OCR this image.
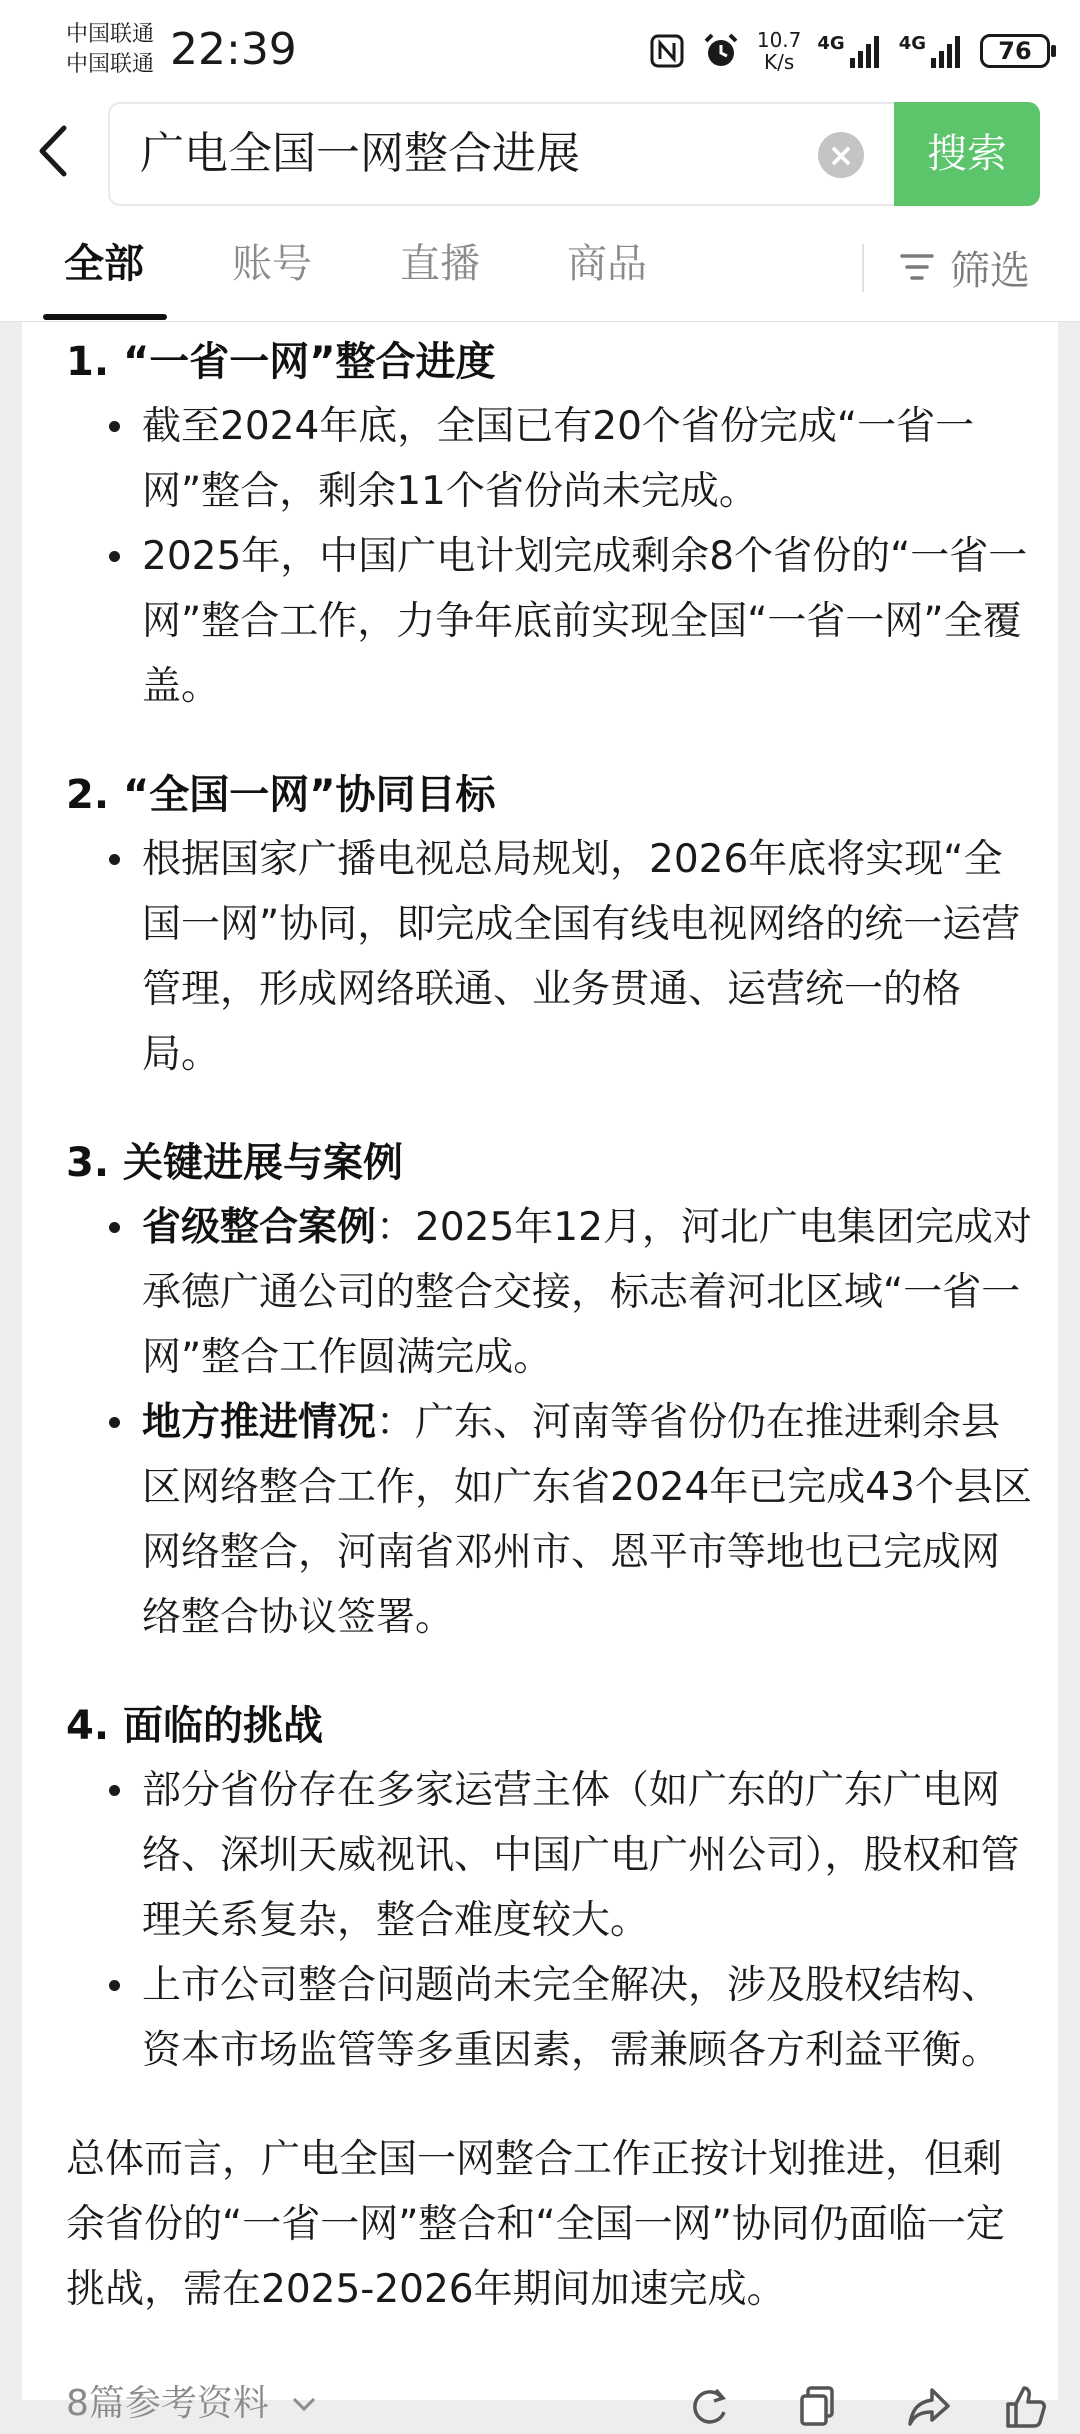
中国联通
中国联通 22:39	10.7
K/s
4G	4G	76
广电全国一网整合进展	×	搜索
全部 账号 直播 商品	筛选
1. “一省一网”整合进度
截至2024年底，全国已有20个省份完成“一省一网”整合，剩余11个省份尚未完成。
2025年，中国广电计划完成剩余8个省份的“一省一网”整合工作，力争年底前实现全国“一省一网”全覆盖。
2. “全国一网”协同目标
根据国家广播电视总局规划，2026年底将实现“全国一网”协同，即完成全国有线电视网络的统一运营管理，形成网络联通、业务贯通、运营统一的格局。
3. 关键进展与案例
省级整合案例：2025年12月，河北广电集团完成对承德广通公司的整合交接，标志着河北区域“一省一网”整合工作圆满完成。
地方推进情况：广东、河南等省份仍在推进剩余县区网络整合工作，如广东省2024年已完成43个县区网络整合，河南省邓州市、恩平市等地也已完成网络整合协议签署。
4. 面临的挑战
部分省份存在多家运营主体（如广东的广东广电网络、深圳天威视讯、中国广电广州公司），股权和管理关系复杂，整合难度较大。
上市公司整合问题尚未完全解决，涉及股权结构、资本市场监管等多重因素，需兼顾各方利益平衡。

总体而言，广电全国一网整合工作正按计划推进，但剩余省份的“一省一网”整合和“全国一网”协同仍面临一定挑战，需在2025-2026年期间加速完成。

8篇参考资料
